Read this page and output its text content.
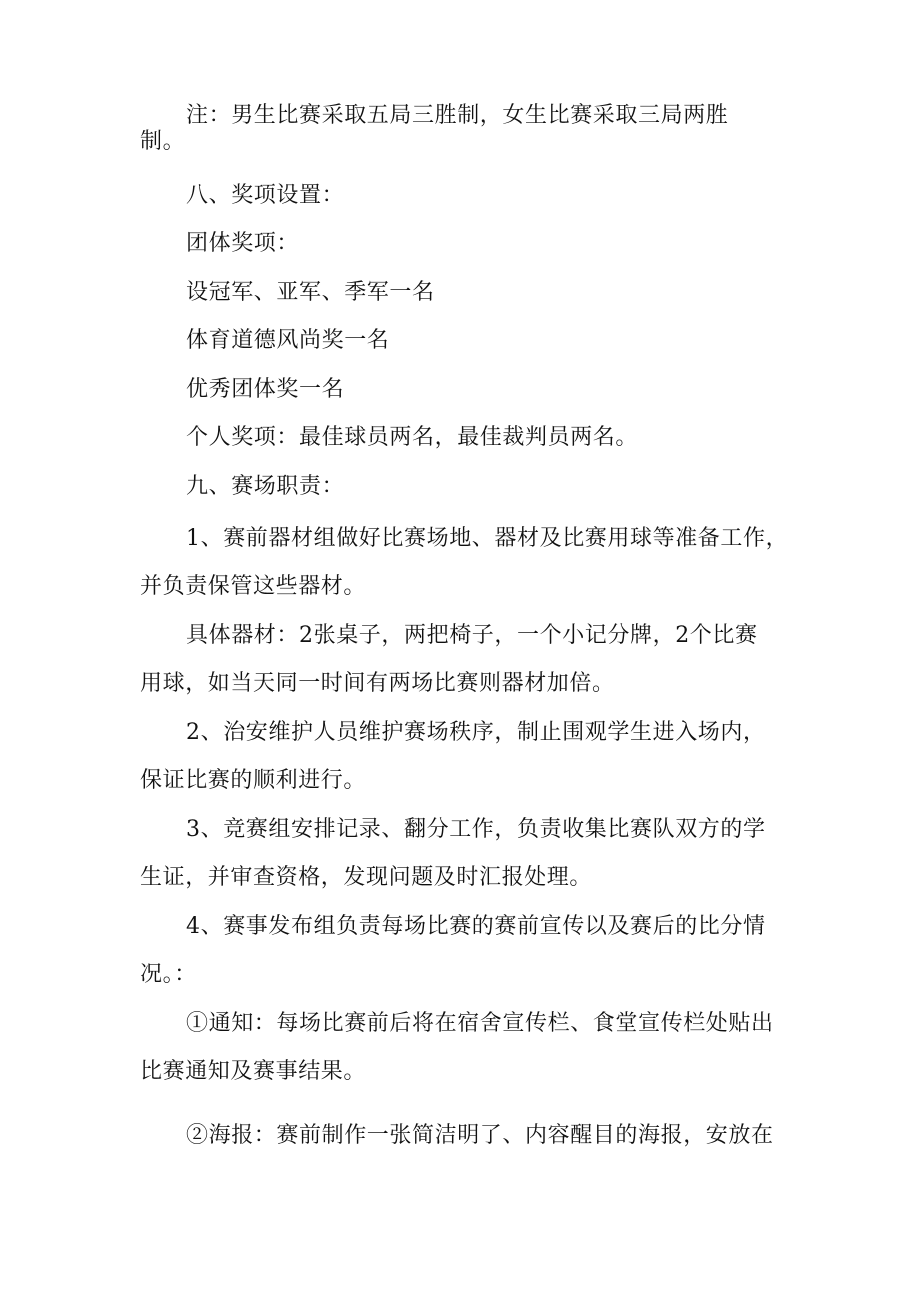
注：男生比赛采取五局三胜制，女生比赛采取三局两胜
制。

八、奖项设置：

团体奖项：

设冠军、亚军、季军一名

体育道德风尚奖一名

优秀团体奖一名

个人奖项：最佳球员两名，最佳裁判员两名。

九、赛场职责：

1、赛前器材组做好比赛场地、器材及比赛用球等准备工作，
并负责保管这些器材。

具体器材：2张桌子，两把椅子，一个小记分牌，2个比赛
用球，如当天同一时间有两场比赛则器材加倍。

2、治安维护人员维护赛场秩序，制止围观学生进入场内，
保证比赛的顺利进行。

3、竞赛组安排记录、翻分工作，负责收集比赛队双方的学
生证，并审查资格，发现问题及时汇报处理。

4、赛事发布组负责每场比赛的赛前宣传以及赛后的比分情
况。：

①通知：每场比赛前后将在宿舍宣传栏、食堂宣传栏处贴出
比赛通知及赛事结果。

②海报：赛前制作一张简洁明了、内容醒目的海报，安放在
